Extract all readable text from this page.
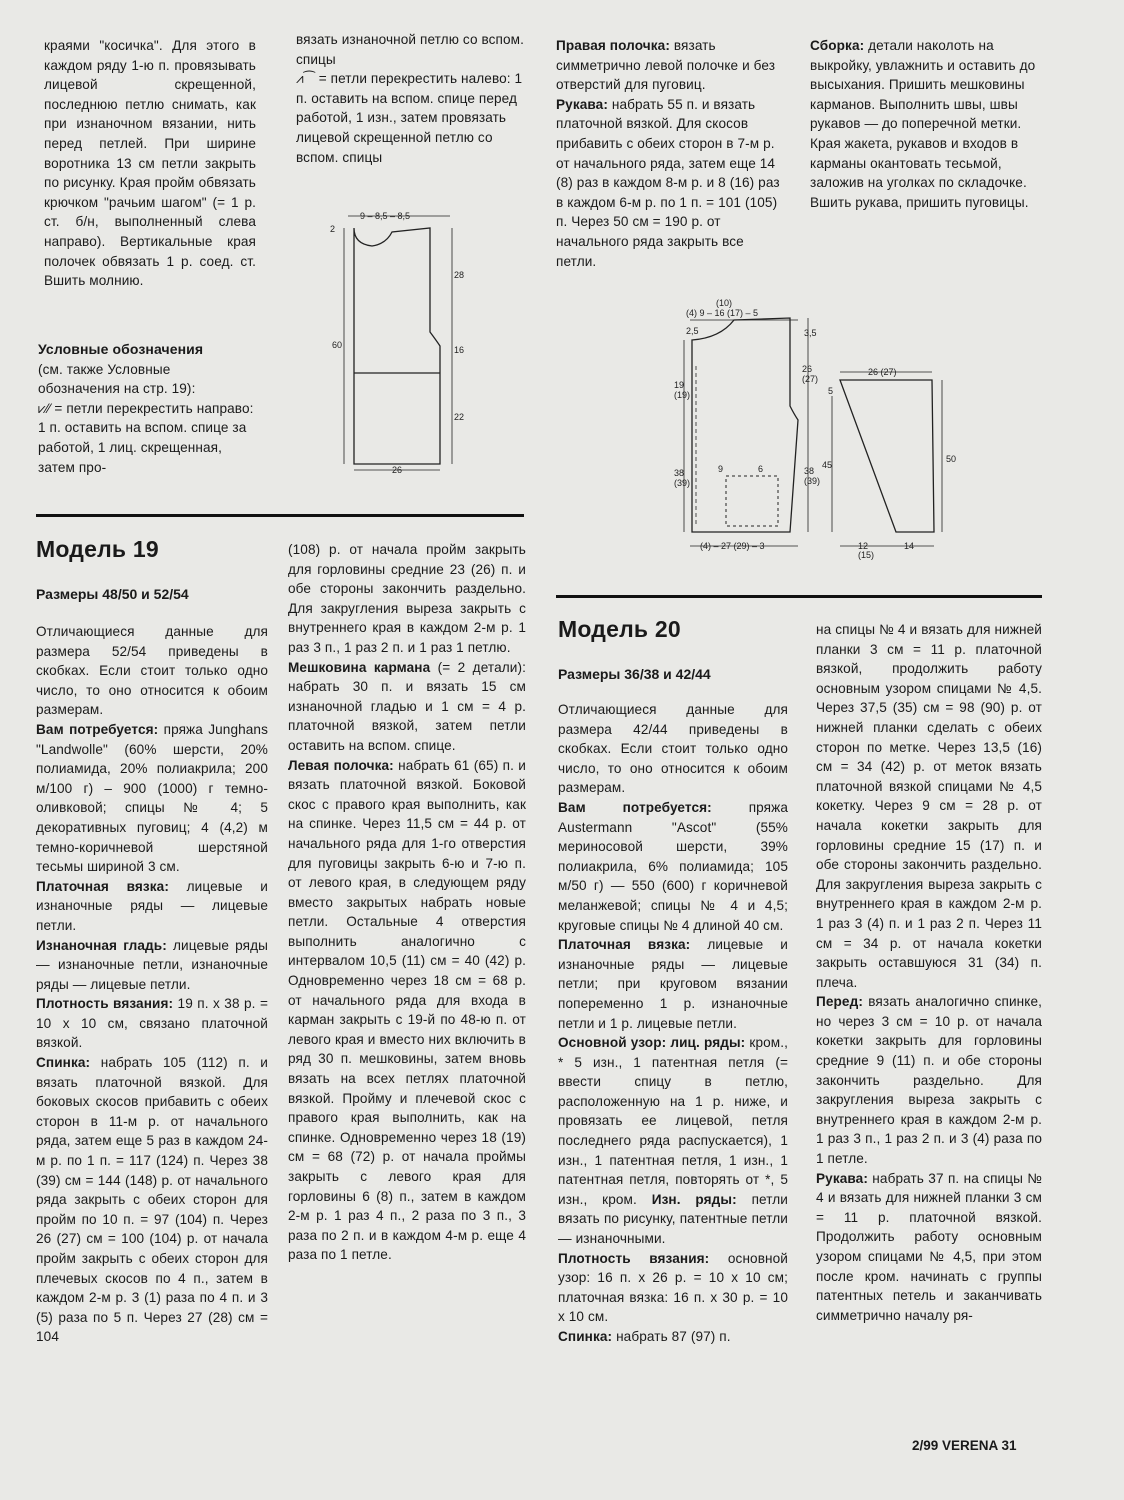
краями "косичка". Для этого в каждом ряду 1-ю п. провязывать лицевой скрещенной, последнюю петлю снимать, как при изнаночном вязании, нить перед петлей. При ширине воротника 13 см петли закрыть по рисунку. Края пройм обвязать крючком "рачьим шагом" (= 1 р. ст. б/н, выполненный слева направо). Вертикальные края полочек обвязать 1 р. соед. ст. Вшить молнию.

Условные обозначения

(см. также Условные обозначения на стр. 19):

⩗⁄⁄ = петли перекрестить направо: 1 п. оставить на вспом. спице за работой, 1 лиц. скрещенная, затем про-

вязать изнаночной петлю со вспом. спицы

⩘⁀ = петли перекрестить налево: 1 п. оставить на вспом. спице перед работой, 1 изн., затем провязать лицевой скрещенной петлю со вспом. спицы

Правая полочка: вязать симметрично левой полочке и без отверстий для пуговиц.

Рукава: набрать 55 п. и вязать платочной вязкой. Для скосов прибавить с обеих сторон в 7-м р. от начального ряда, затем еще 14 (8) раз в каждом 8-м р. и 8 (16) раз в каждом 6-м р. по 1 п. = 101 (105) п. Через 50 см = 190 р. от начального ряда закрыть все петли.

Сборка: детали наколоть на выкройку, увлажнить и оставить до высыхания. Пришить мешковины карманов. Выполнить швы, швы рукавов — до поперечной метки. Края жакета, рукавов и входов в карманы окантовать тесьмой, заложив на уголках по складочке. Вшить рукава, пришить пуговицы.

9 – 8,5 – 8,5
2
28
60	16
22
26
(10)
(4) 9 – 16 (17) – 5
2,5	3,5
26
(27)
19
(19)
9	6
38
(39)
38
(39)
(4) – 27 (29) – 3
26 (27)
5
45
50
12
(15)
14
Модель 19
Размеры 48/50 и 52/54

Отличающиеся данные для размера 52/54 приведены в скобках. Если стоит только одно число, то оно относится к обоим размерам.

Вам потребуется: пряжа Junghans "Landwolle" (60% шерсти, 20% полиамида, 20% полиакрила; 200 м/100 г) – 900 (1000) г темно-оливковой; спицы № 4; 5 декоративных пуговиц; 4 (4,2) м темно-коричневой шерстяной тесьмы шириной 3 см.

Платочная вязка: лицевые и изнаночные ряды — лицевые петли.

Изнаночная гладь: лицевые ряды — изнаночные петли, изнаночные ряды — лицевые петли.

Плотность вязания: 19 п. х 38 р. = 10 х 10 см, связано платочной вязкой.

Спинка: набрать 105 (112) п. и вязать платочной вязкой. Для боковых скосов прибавить с обеих сторон в 11-м р. от начального ряда, затем еще 5 раз в каждом 24-м р. по 1 п. = 117 (124) п. Через 38 (39) см = 144 (148) р. от начального ряда закрыть с обеих сторон для пройм по 10 п. = 97 (104) п. Через 26 (27) см = 100 (104) р. от начала пройм закрыть с обеих сторон для плечевых скосов по 4 п., затем в каждом 2-м р. 3 (1) раза по 4 п. и 3 (5) раза по 5 п. Через 27 (28) см = 104

(108) р. от начала пройм закрыть для горловины средние 23 (26) п. и обе стороны закончить раздельно. Для закругления выреза закрыть с внутреннего края в каждом 2-м р. 1 раз 3 п., 1 раз 2 п. и 1 раз 1 петлю.

Мешковина кармана (= 2 детали): набрать 30 п. и вязать 15 см изнаночной гладью и 1 см = 4 р. платочной вязкой, затем петли оставить на вспом. спице.

Левая полочка: набрать 61 (65) п. и вязать платочной вязкой. Боковой скос с правого края выполнить, как на спинке. Через 11,5 см = 44 р. от начального ряда для 1-го отверстия для пуговицы закрыть 6-ю и 7-ю п. от левого края, в следующем ряду вместо закрытых набрать новые петли. Остальные 4 отверстия выполнить аналогично с интервалом 10,5 (11) см = 40 (42) р. Одновременно через 18 см = 68 р. от начального ряда для входа в карман закрыть с 19-й по 48-ю п. от левого края и вместо них включить в ряд 30 п. мешковины, затем вновь вязать на всех петлях платочной вязкой. Пройму и плечевой скос с правого края выполнить, как на спинке. Одновременно через 18 (19) см = 68 (72) р. от начала проймы закрыть с левого края для горловины 6 (8) п., затем в каждом 2-м р. 1 раз 4 п., 2 раза по 3 п., 3 раза по 2 п. и в каждом 4-м р. еще 4 раза по 1 петле.

Модель 20
Размеры 36/38 и 42/44

Отличающиеся данные для размера 42/44 приведены в скобках. Если стоит только одно число, то оно относится к обоим размерам.

Вам потребуется:	пряжа Austermann "Ascot" (55% мериносовой шерсти, 39% полиакрила, 6% полиамида; 105 м/50 г) — 550 (600) г коричневой меланжевой; спицы № 4 и 4,5; круговые спицы № 4 длиной 40 см.

Платочная вязка: лицевые и изнаночные ряды — лицевые петли; при круговом вязании попеременно 1 р. изнаночные петли и 1 р. лицевые петли.

Основной узор: лиц. ряды: кром., * 5 изн., 1 патентная петля (= ввести спицу в петлю, расположенную на 1 р. ниже, и провязать ее лицевой, петля последнего ряда распускается), 1 изн., 1 патентная петля, 1 изн., 1 патентная петля, повторять от *, 5 изн., кром. Изн. ряды: петли вязать по рисунку, патентные петли — изнаночными.

Плотность вязания: основной узор: 16 п. х 26 р. = 10 х 10 см; платочная вязка: 16 п. х 30 р. = 10 х 10 см.

Спинка: набрать 87 (97) п.

на спицы № 4 и вязать для нижней планки 3 см = 11 р. платочной вязкой, продолжить работу основным узором спицами № 4,5. Через 37,5 (35) см = 98 (90) р. от нижней планки сделать с обеих сторон по метке. Через 13,5 (16) см = 34 (42) р. от меток вязать платочной вязкой спицами № 4,5 кокетку. Через 9 см = 28 р. от начала кокетки закрыть для горловины средние 15 (17) п. и обе стороны закончить раздельно. Для закругления выреза закрыть с внутреннего края в каждом 2-м р. 1 раз 3 (4) п. и 1 раз 2 п. Через 11 см = 34 р. от начала кокетки закрыть оставшуюся 31 (34) п. плеча.

Перед: вязать аналогично спинке, но через 3 см = 10 р. от начала кокетки закрыть для горловины средние 9 (11) п. и обе стороны закончить раздельно. Для закругления выреза закрыть с внутреннего края в каждом 2-м р. 1 раз 3 п., 1 раз 2 п. и 3 (4) раза по 1 петле.

Рукава: набрать 37 п. на спицы № 4 и вязать для нижней планки 3 см = 11 р. платочной вязкой. Продолжить работу основным узором спицами № 4,5, при этом после кром. начинать с группы патентных петель и заканчивать симметрично началу ря-

2/99 VERENA 31
